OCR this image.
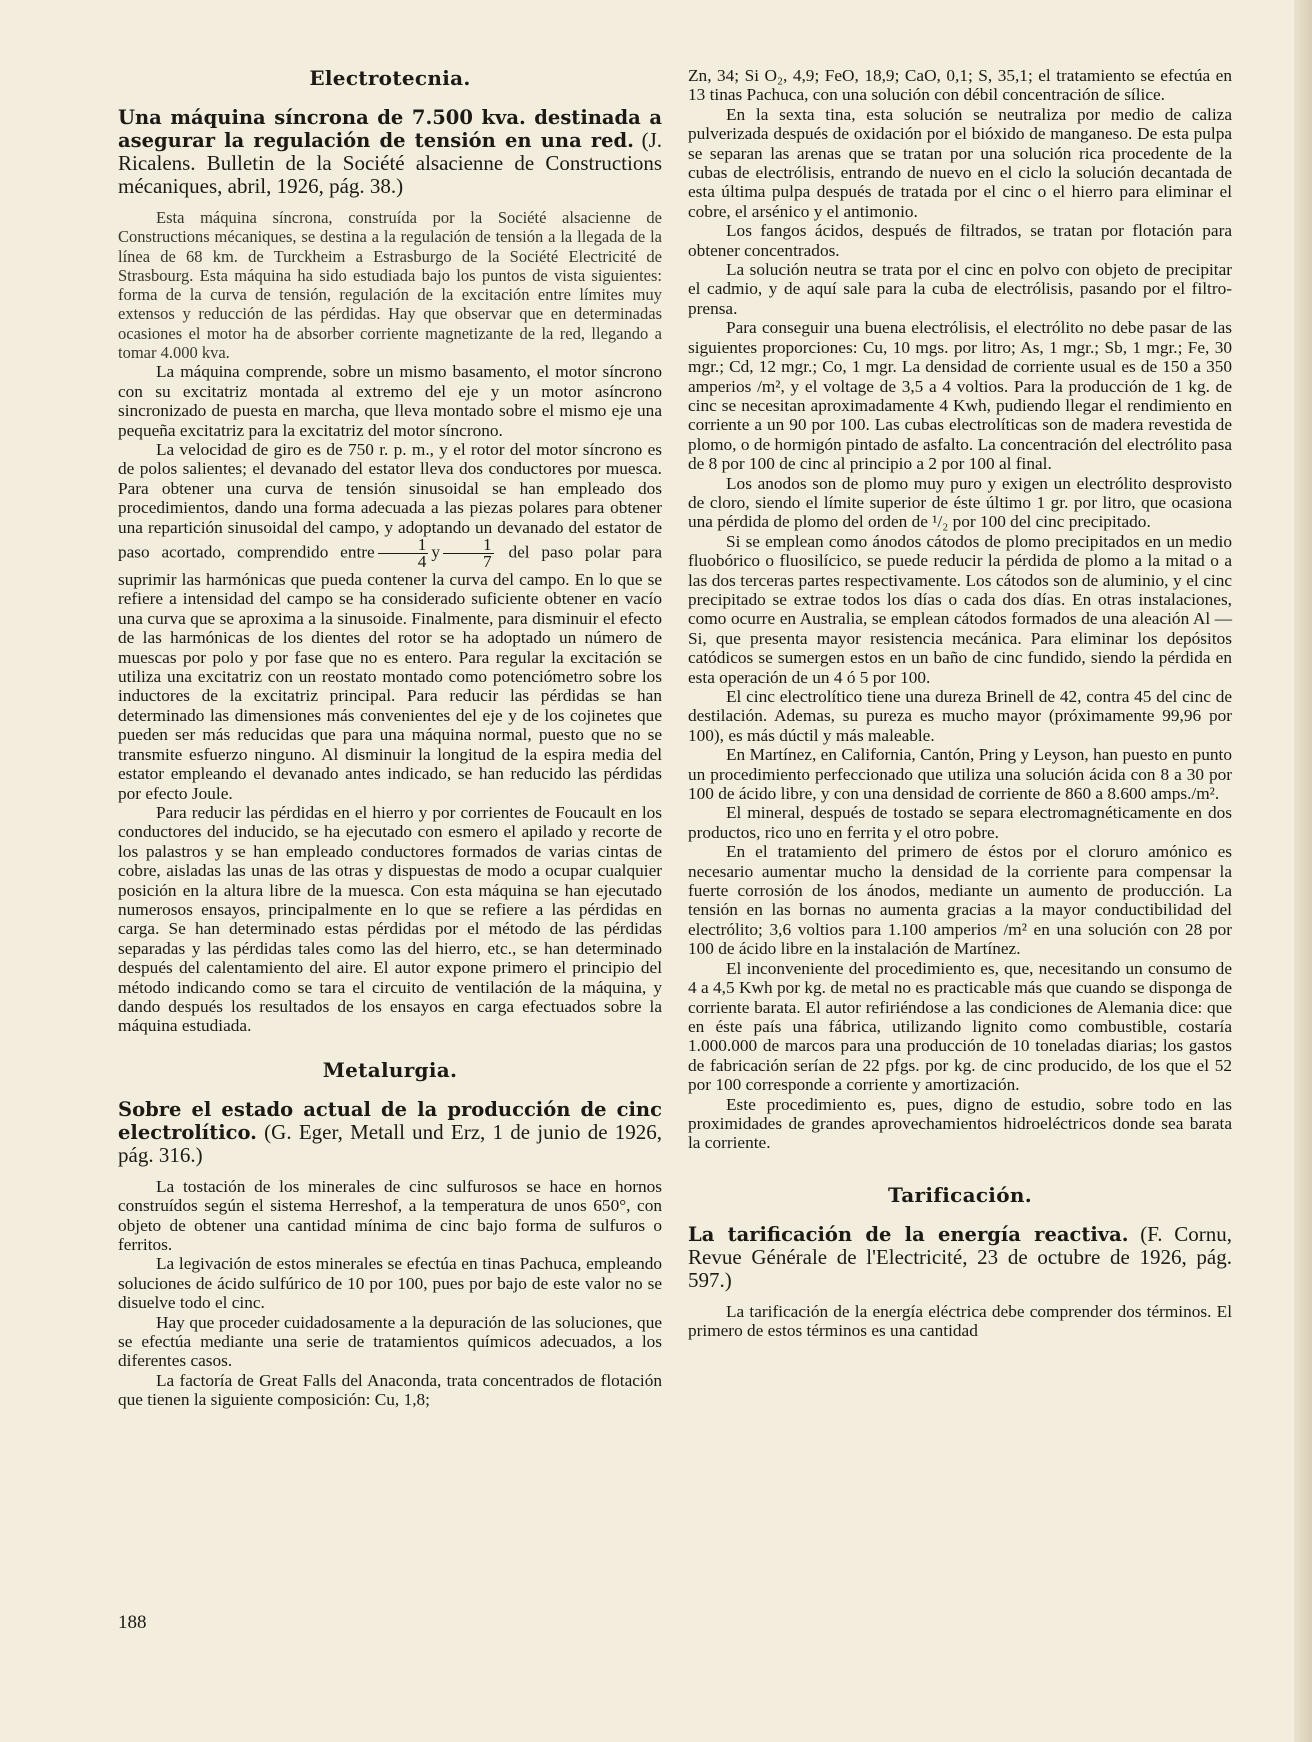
Electrotecnia.
Una máquina síncrona de 7.500 kva. destinada a asegurar la regulación de tensión en una red. (J. Ricalens. Bulletin de la Société alsacienne de Constructions mécaniques, abril, 1926, pág. 38.)

Esta máquina síncrona, construída por la Société alsacienne de Constructions mécaniques, se destina a la regulación de tensión a la llegada de la línea de 68 km. de Turckheim a Estrasburgo de la Société Electricité de Strasbourg. Esta máquina ha sido estudiada bajo los puntos de vista siguientes: forma de la curva de tensión, regulación de la excitación entre límites muy extensos y reducción de las pérdidas. Hay que observar que en determinadas ocasiones el motor ha de absorber corriente magnetizante de la red, llegando a tomar 4.000 kva.

La máquina comprende, sobre un mismo basamento, el motor síncrono con su excitatriz montada al extremo del eje y un motor asíncrono sincronizado de puesta en marcha, que lleva montado sobre el mismo eje una pequeña excitatriz para la excitatriz del motor síncrono.

La velocidad de giro es de 750 r. p. m., y el rotor del motor síncrono es de polos salientes; el devanado del estator lleva dos conductores por muesca. Para obtener una curva de tensión sinusoidal se han empleado dos procedimientos, dando una forma adecuada a las piezas polares para obtener una repartición sinusoidal del campo, y adoptando un devanado del estator de paso acortado, comprendido entre $\frac{1}{4}$ y $\frac{1}{7}$ del paso polar para suprimir las harmónicas que pueda contener la curva del campo. En lo que se refiere a intensidad del campo se ha considerado suficiente obtener en vacío una curva que se aproxima a la sinusoide. Finalmente, para disminuir el efecto de las harmónicas de los dientes del rotor se ha adoptado un número de muescas por polo y por fase que no es entero. Para regular la excitación se utiliza una excitatriz con un reostato montado como potenciómetro sobre los inductores de la excitatriz principal. Para reducir las pérdidas se han determinado las dimensiones más convenientes del eje y de los cojinetes que pueden ser más reducidas que para una máquina normal, puesto que no se transmite esfuerzo ninguno. Al disminuir la longitud de la espira media del estator empleando el devanado antes indicado, se han reducido las pérdidas por efecto Joule.

Para reducir las pérdidas en el hierro y por corrientes de Foucault en los conductores del inducido, se ha ejecutado con esmero el apilado y recorte de los palastros y se han empleado conductores formados de varias cintas de cobre, aisladas las unas de las otras y dispuestas de modo a ocupar cualquier posición en la altura libre de la muesca. Con esta máquina se han ejecutado numerosos ensayos, principalmente en lo que se refiere a las pérdidas en carga. Se han determinado estas pérdidas por el método de las pérdidas separadas y las pérdidas tales como las del hierro, etc., se han determinado después del calentamiento del aire. El autor expone primero el principio del método indicando como se tara el circuito de ventilación de la máquina, y dando después los resultados de los ensayos en carga efectuados sobre la máquina estudiada.

Metalurgia.
Sobre el estado actual de la producción de cinc electrolítico. (G. Eger, Metall und Erz, 1 de junio de 1926, pág. 316.)

La tostación de los minerales de cinc sulfurosos se hace en hornos construídos según el sistema Herreshof, a la temperatura de unos 650°, con objeto de obtener una cantidad mínima de cinc bajo forma de sulfuros o ferritos.

La legivación de estos minerales se efectúa en tinas Pachuca, empleando soluciones de ácido sulfúrico de 10 por 100, pues por bajo de este valor no se disuelve todo el cinc.

Hay que proceder cuidadosamente a la depuración de las soluciones, que se efectúa mediante una serie de tratamientos químicos adecuados, a los diferentes casos.

La factoría de Great Falls del Anaconda, trata concentrados de flotación que tienen la siguiente composición: Cu, 1,8;

Zn, 34; Si O₂, 4,9; FeO, 18,9; CaO, 0,1; S, 35,1; el tratamiento se efectúa en 13 tinas Pachuca, con una solución con débil concentración de sílice.

En la sexta tina, esta solución se neutraliza por medio de caliza pulverizada después de oxidación por el bióxido de manganeso. De esta pulpa se separan las arenas que se tratan por una solución rica procedente de la cubas de electrólisis, entrando de nuevo en el ciclo la solución decantada de esta última pulpa después de tratada por el cinc o el hierro para eliminar el cobre, el arsénico y el antimonio.

Los fangos ácidos, después de filtrados, se tratan por flotación para obtener concentrados.

La solución neutra se trata por el cinc en polvo con objeto de precipitar el cadmio, y de aquí sale para la cuba de electrólisis, pasando por el filtro-prensa.

Para conseguir una buena electrólisis, el electrólito no debe pasar de las siguientes proporciones: Cu, 10 mgs. por litro; As, 1 mgr.; Sb, 1 mgr.; Fe, 30 mgr.; Cd, 12 mgr.; Co, 1 mgr. La densidad de corriente usual es de 150 a 350 amperios /m², y el voltage de 3,5 a 4 voltios. Para la producción de 1 kg. de cinc se necesitan aproximadamente 4 Kwh, pudiendo llegar el rendimiento en corriente a un 90 por 100. Las cubas electrolíticas son de madera revestida de plomo, o de hormigón pintado de asfalto. La concentración del electrólito pasa de 8 por 100 de cinc al principio a 2 por 100 al final.

Los anodos son de plomo muy puro y exigen un electrólito desprovisto de cloro, siendo el límite superior de éste último 1 gr. por litro, que ocasiona una pérdida de plomo del orden de ¹/₂ por 100 del cinc precipitado.

Si se emplean como ánodos cátodos de plomo precipitados en un medio fluobórico o fluosilícico, se puede reducir la pérdida de plomo a la mitad o a las dos terceras partes respectivamente. Los cátodos son de aluminio, y el cinc precipitado se extrae todos los días o cada dos días. En otras instalaciones, como ocurre en Australia, se emplean cátodos formados de una aleación Al — Si, que presenta mayor resistencia mecánica. Para eliminar los depósitos catódicos se sumergen estos en un baño de cinc fundido, siendo la pérdida en esta operación de un 4 ó 5 por 100.

El cinc electrolítico tiene una dureza Brinell de 42, contra 45 del cinc de destilación. Ademas, su pureza es mucho mayor (próximamente 99,96 por 100), es más dúctil y más maleable.

En Martínez, en California, Cantón, Pring y Leyson, han puesto en punto un procedimiento perfeccionado que utiliza una solución ácida con 8 a 30 por 100 de ácido libre, y con una densidad de corriente de 860 a 8.600 amps./m².

El mineral, después de tostado se separa electromagnéticamente en dos productos, rico uno en ferrita y el otro pobre.

En el tratamiento del primero de éstos por el cloruro amónico es necesario aumentar mucho la densidad de la corriente para compensar la fuerte corrosión de los ánodos, mediante un aumento de producción. La tensión en las bornas no aumenta gracias a la mayor conductibilidad del electrólito; 3,6 voltios para 1.100 amperios /m² en una solución con 28 por 100 de ácido libre en la instalación de Martínez.

El inconveniente del procedimiento es, que, necesitando un consumo de 4 a 4,5 Kwh por kg. de metal no es practicable más que cuando se disponga de corriente barata. El autor refiriéndose a las condiciones de Alemania dice: que en éste país una fábrica, utilizando lignito como combustible, costaría 1.000.000 de marcos para una producción de 10 toneladas diarias; los gastos de fabricación serían de 22 pfgs. por kg. de cinc producido, de los que el 52 por 100 corresponde a corriente y amortización.

Este procedimiento es, pues, digno de estudio, sobre todo en las proximidades de grandes aprovechamientos hidroeléctricos donde sea barata la corriente.

Tarificación.
La tarificación de la energía reactiva. (F. Cornu, Revue Générale de l'Electricité, 23 de octubre de 1926, pág. 597.)

La tarificación de la energía eléctrica debe comprender dos términos. El primero de estos términos es una cantidad

188
